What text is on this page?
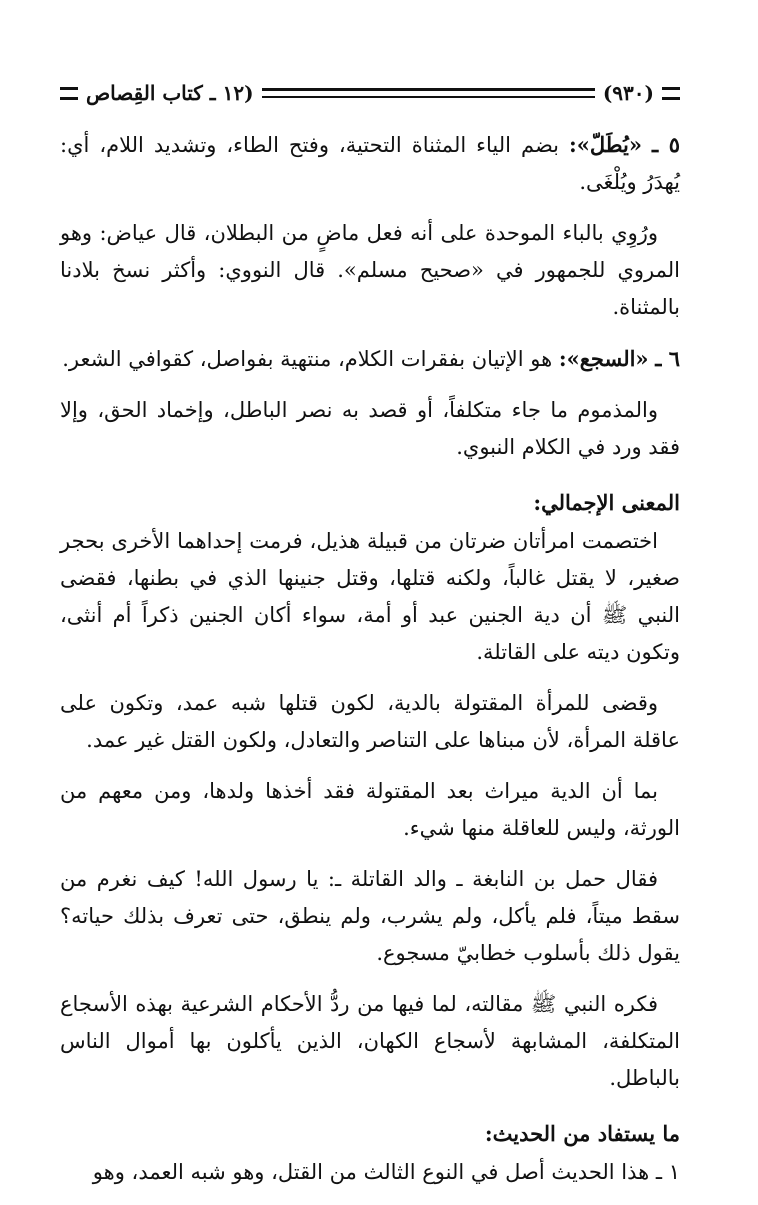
١٢ ـ كتاب القِصاص)	(٩٣٠)

٥ ـ «يُطَلّ»: بضم الياء المثناة التحتية، وفتح الطاء، وتشديد اللام، أي: يُهدَرُ ويُلْغَى.

ورُوِي بالباء الموحدة على أنه فعل ماضٍ من البطلان، قال عياض: وهو المروي للجمهور في «صحيح مسلم». قال النووي: وأكثر نسخ بلادنا بالمثناة.

٦ ـ «السجع»: هو الإتيان بفقرات الكلام، منتهية بفواصل، كقوافي الشعر.

والمذموم ما جاء متكلفاً، أو قصد به نصر الباطل، وإخماد الحق، وإلا فقد ورد في الكلام النبوي.

المعنى الإجمالي:

اختصمت امرأتان ضرتان من قبيلة هذيل، فرمت إحداهما الأخرى بحجر صغير، لا يقتل غالباً، ولكنه قتلها، وقتل جنينها الذي في بطنها، فقضى النبي ﷺ أن دية الجنين عبد أو أمة، سواء أكان الجنين ذكراً أم أنثى، وتكون ديته على القاتلة.

وقضى للمرأة المقتولة بالدية، لكون قتلها شبه عمد، وتكون على عاقلة المرأة، لأن مبناها على التناصر والتعادل، ولكون القتل غير عمد.

بما أن الدية ميراث بعد المقتولة فقد أخذها ولدها، ومن معهم من الورثة، وليس للعاقلة منها شيء.

فقال حمل بن النابغة ـ والد القاتلة ـ: يا رسول الله! كيف نغرم من سقط ميتاً، فلم يأكل، ولم يشرب، ولم ينطق، حتى تعرف بذلك حياته؟ يقول ذلك بأسلوب خطابيّ مسجوع.

فكره النبي ﷺ مقالته، لما فيها من ردُّ الأحكام الشرعية بهذه الأسجاع المتكلفة، المشابهة لأسجاع الكهان، الذين يأكلون بها أموال الناس بالباطل.

ما يستفاد من الحديث:

١ ـ هذا الحديث أصل في النوع الثالث من القتل، وهو شبه العمد، وهو
